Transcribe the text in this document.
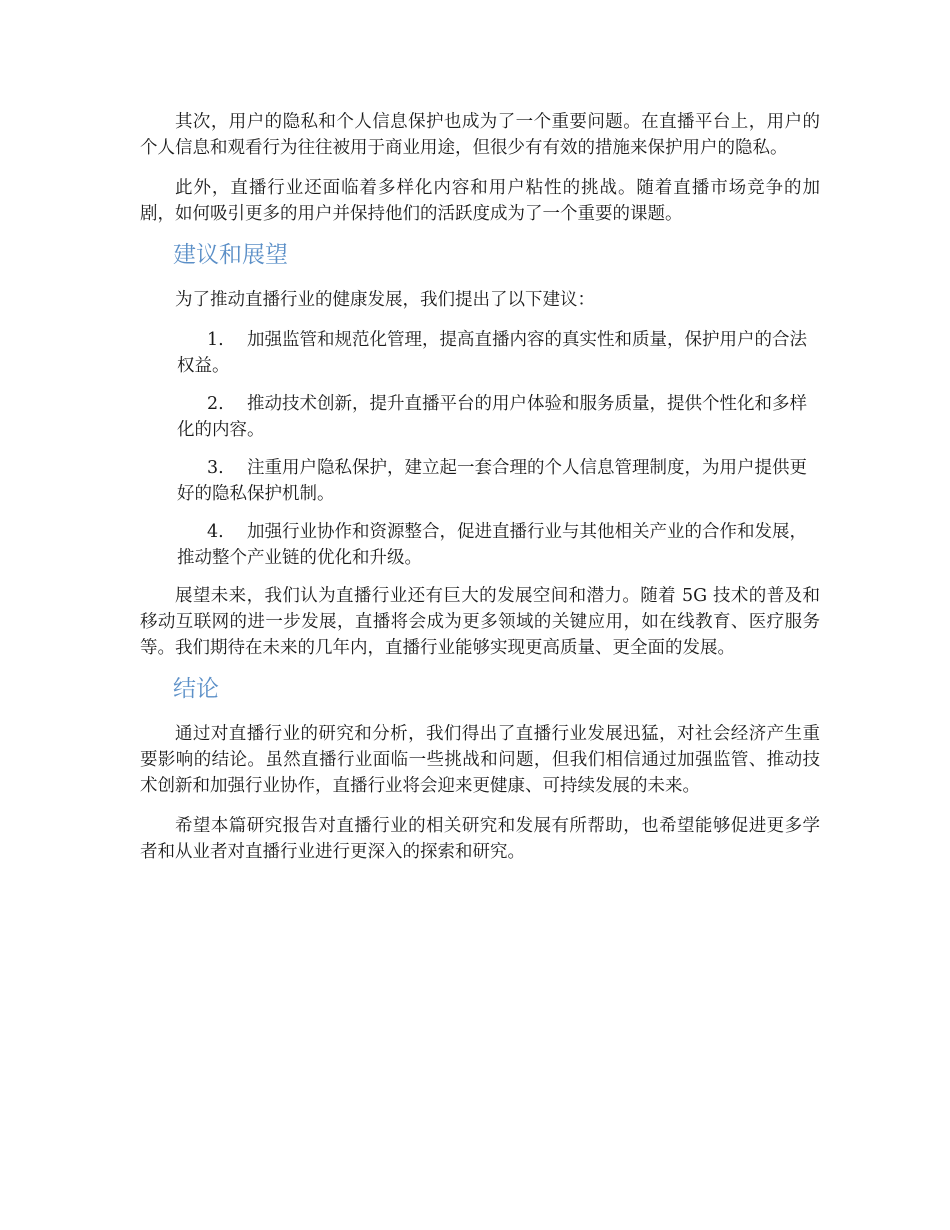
其次，用户的隐私和个人信息保护也成为了一个重要问题。在直播平台上，用户的个人信息和观看行为往往被用于商业用途，但很少有有效的措施来保护用户的隐私。

此外，直播行业还面临着多样化内容和用户粘性的挑战。随着直播市场竞争的加剧，如何吸引更多的用户并保持他们的活跃度成为了一个重要的课题。

建议和展望

为了推动直播行业的健康发展，我们提出了以下建议：

1. 加强监管和规范化管理，提高直播内容的真实性和质量，保护用户的合法权益。
2. 推动技术创新，提升直播平台的用户体验和服务质量，提供个性化和多样化的内容。
3. 注重用户隐私保护，建立起一套合理的个人信息管理制度，为用户提供更好的隐私保护机制。
4. 加强行业协作和资源整合，促进直播行业与其他相关产业的合作和发展，推动整个产业链的优化和升级。

展望未来，我们认为直播行业还有巨大的发展空间和潜力。随着 5G 技术的普及和移动互联网的进一步发展，直播将会成为更多领域的关键应用，如在线教育、医疗服务等。我们期待在未来的几年内，直播行业能够实现更高质量、更全面的发展。

结论

通过对直播行业的研究和分析，我们得出了直播行业发展迅猛，对社会经济产生重要影响的结论。虽然直播行业面临一些挑战和问题，但我们相信通过加强监管、推动技术创新和加强行业协作，直播行业将会迎来更健康、可持续发展的未来。

希望本篇研究报告对直播行业的相关研究和发展有所帮助，也希望能够促进更多学者和从业者对直播行业进行更深入的探索和研究。
